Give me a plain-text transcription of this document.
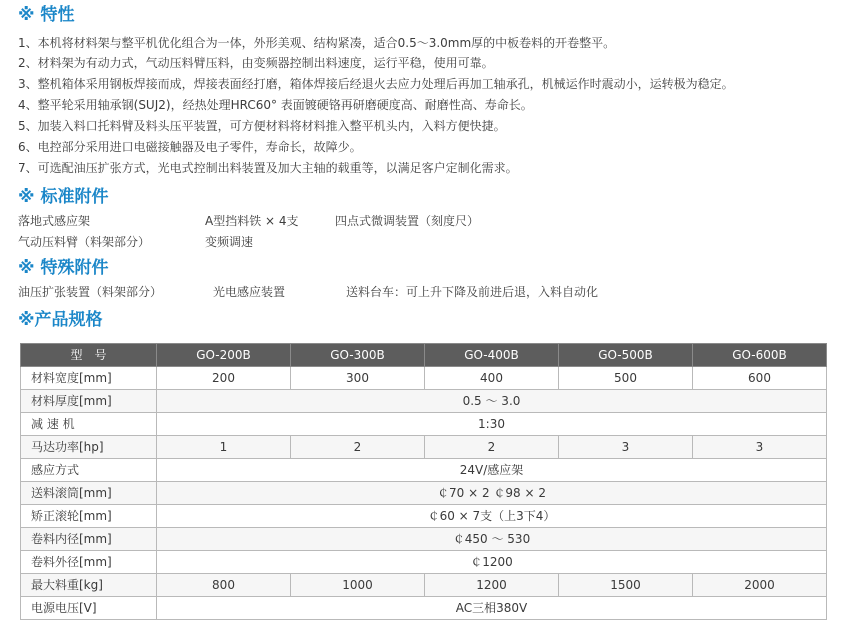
※ 特性
1、本机将材料架与整平机优化组合为一体，外形美观、结构紧凑，适合0.5～3.0mm厚的中板卷料的开卷整平。
2、材料架为有动力式，气动压料臂压料，由变频器控制出料速度，运行平稳，使用可靠。
3、整机箱体采用钢板焊接而成，焊接表面经打磨，箱体焊接后经退火去应力处理后再加工轴承孔，机械运作时震动小，运转极为稳定。
4、整平轮采用轴承钢(SUJ2)，经热处理HRC60° 表面镀硬铬再研磨硬度高、耐磨性高、寿命长。
5、加装入料口托料臂及料头压平装置，可方便材料将材料推入整平机头内，入料方便快捷。
6、电控部分采用进口电磁接触器及电子零件，寿命长，故障少。
7、可选配油压扩张方式，光电式控制出料装置及加大主轴的载重等，以满足客户定制化需求。
※ 标准附件
落地式感应架	A型挡料铁 × 4支	四点式微调装置（刻度尺）
气动压料臂（料架部分）	变频调速
※ 特殊附件
油压扩张装置（料架部分）	光电感应装置	送料台车：可上升下降及前进后退，入料自动化
※产品规格
型　号	GO-200B	GO-300B	GO-400B	GO-500B	GO-600B
材料宽度[mm]	200	300	400	500	600
材料厚度[mm]	0.5 ～ 3.0				
减 速 机	1:30				
马达功率[hp]	1	2	2	3	3
感应方式	24V/感应架				
送料滚筒[mm]	￠70 × 2 ￠98 × 2				
矫正滚轮[mm]	￠60 × 7支（上3下4）				
卷料内径[mm]	￠450 ～ 530				
卷料外径[mm]	￠1200				
最大料重[kg]	800	1000	1200	1500	2000
电源电压[V]	AC三相380V				
